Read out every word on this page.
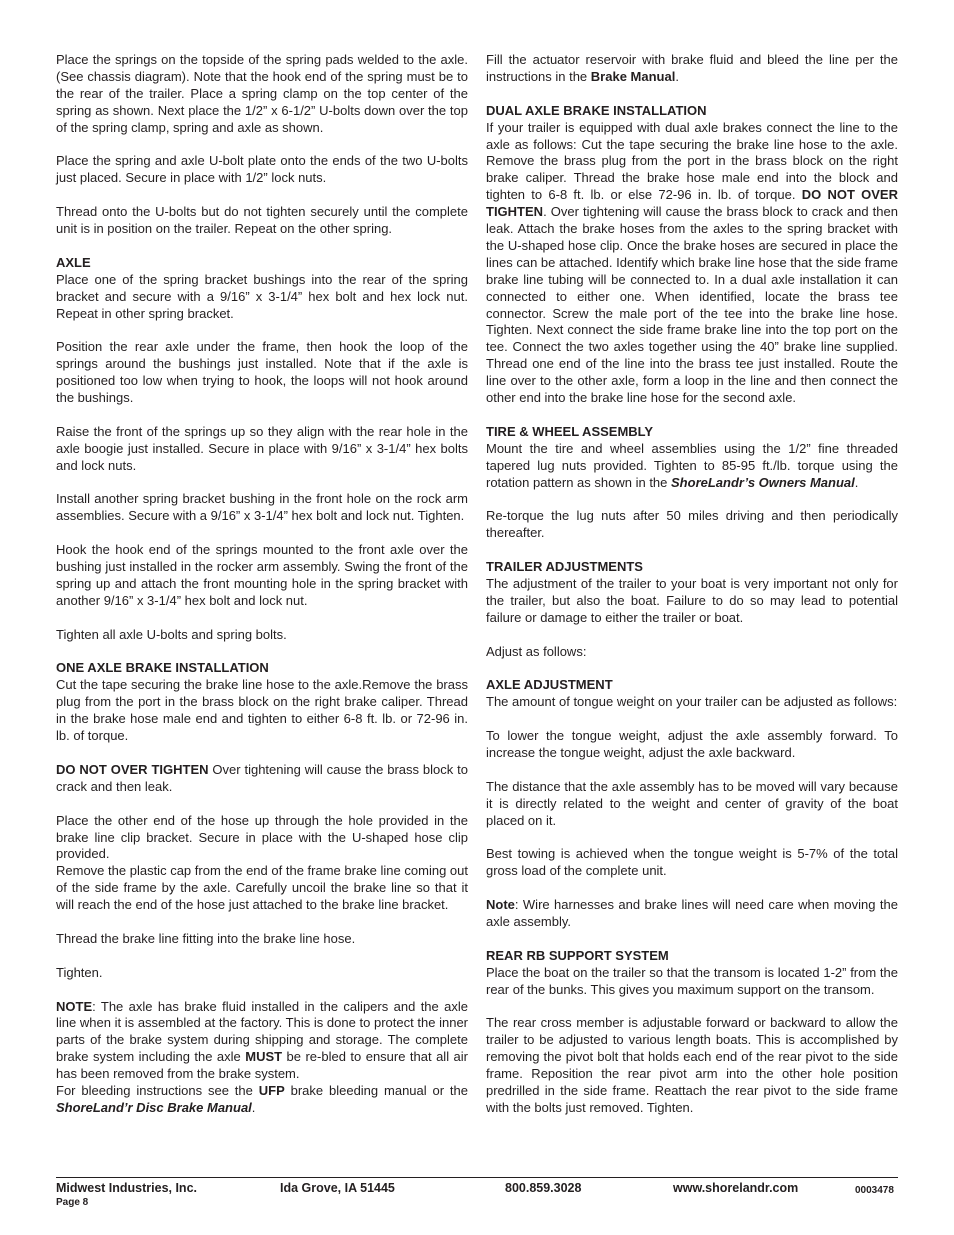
Place the springs on the topside of the spring pads welded to the axle. (See chassis diagram). Note that the hook end of the spring must be to the rear of the trailer. Place a spring clamp on the top center of the spring as shown. Next place the 1/2” x 6-1/2” U-bolts down over the top of the spring clamp, spring and axle as shown.

Place the spring and axle U-bolt plate onto the ends of the two U-bolts just placed. Secure in place with 1/2” lock nuts.

Thread onto the U-bolts but do not tighten securely until the complete unit is in position on the trailer. Repeat on the other spring.

AXLE

Place one of the spring bracket bushings into the rear of the spring bracket and secure with a 9/16” x 3-1/4” hex bolt and hex lock nut. Repeat in other spring bracket.

Position the rear axle under the frame, then hook the loop of the springs around the bushings just installed. Note that if the axle is positioned too low when trying to hook, the loops will not hook around the bushings.

Raise the front of the springs up so they align with the rear hole in the axle boogie just installed. Secure in place with 9/16” x 3-1/4” hex bolts and lock nuts.

Install another spring bracket bushing in the front hole on the rock arm assemblies. Secure with a 9/16” x 3-1/4” hex bolt and lock nut. Tighten.

Hook the hook end of the springs mounted to the front axle over the bushing just installed in the rocker arm assembly. Swing the front of the spring up and attach the front mounting hole in the spring bracket with another 9/16” x 3-1/4” hex bolt and lock nut.

Tighten all axle U-bolts and spring bolts.

ONE AXLE BRAKE INSTALLATION

Cut the tape securing the brake line hose to the axle.Remove the brass plug from the port in the brass block on the right brake caliper. Thread in the brake hose male end and tighten to either 6-8 ft. lb. or 72-96 in. lb. of torque.

DO NOT OVER TIGHTEN Over tightening will cause the brass block to crack and then leak.

Place the other end of the hose up through the hole provided in the brake line clip bracket. Secure in place with the U-shaped hose clip provided.

Remove the plastic cap from the end of the frame brake line coming out of the side frame by the axle. Carefully uncoil the brake line so that it will reach the end of the hose just attached to the brake line bracket.

Thread the brake line fitting into the brake line hose.

Tighten.

NOTE: The axle has brake fluid installed in the calipers and the axle line when it is assembled at the factory. This is done to protect the inner parts of the brake system during shipping and storage. The complete brake system including the axle MUST be re-bled to ensure that all air has been removed from the brake system.

For bleeding instructions see the UFP brake bleeding manual or the ShoreLand’r Disc Brake Manual.

Fill the actuator reservoir with brake fluid and bleed the line per the instructions in the Brake Manual.

DUAL AXLE BRAKE INSTALLATION

If your trailer is equipped with dual axle brakes connect the line to the axle as follows: Cut the tape securing the brake line hose to the axle. Remove the brass plug from the port in the brass block on the right brake caliper. Thread the brake hose male end into the block and tighten to 6-8 ft. lb. or else 72-96 in. lb. of torque. DO NOT OVER TIGHTEN. Over tightening will cause the brass block to crack and then leak. Attach the brake hoses from the axles to the spring bracket with the U-shaped hose clip. Once the brake hoses are secured in place the lines can be attached. Identify which brake line hose that the side frame brake line tubing will be connected to. In a dual axle installation it can connected to either one. When identified, locate the brass tee connector. Screw the male port of the tee into the brake line hose. Tighten. Next connect the side frame brake line into the top port on the tee. Connect the two axles together using the 40” brake line supplied. Thread one end of the line into the brass tee just installed. Route the line over to the other axle, form a loop in the line and then connect the other end into the brake line hose for the second axle.

TIRE & WHEEL ASSEMBLY

Mount the tire and wheel assemblies using the 1/2” fine threaded tapered lug nuts provided. Tighten to 85-95 ft./lb. torque using the rotation pattern as shown in the ShoreLandr’s Owners Manual.

Re-torque the lug nuts after 50 miles driving and then periodically thereafter.

TRAILER ADJUSTMENTS

The adjustment of the trailer to your boat is very important not only for the trailer, but also the boat. Failure to do so may lead to potential failure or damage to either the trailer or boat.

Adjust as follows:

AXLE ADJUSTMENT

The amount of tongue weight on your trailer can be adjusted as follows:

To lower the tongue weight, adjust the axle assembly forward. To increase the tongue weight, adjust the axle backward.

The distance that the axle assembly has to be moved will vary because it is directly related to the weight and center of gravity of the boat placed on it.

Best towing is achieved when the tongue weight is 5-7% of the total gross load of the complete unit.

Note: Wire harnesses and brake lines will need care when moving the axle assembly.

REAR RB SUPPORT SYSTEM

Place the boat on the trailer so that the transom is located 1-2” from the rear of the bunks. This gives you maximum support on the transom.

The rear cross member is adjustable forward or backward to allow the trailer to be adjusted to various length boats. This is accomplished by removing the pivot bolt that holds each end of the rear pivot to the side frame. Reposition the rear pivot arm into the other hole position predrilled in the side frame. Reattach the rear pivot to the side frame with the bolts just removed. Tighten.

Midwest Industries, Inc.	Ida Grove, IA 51445	800.859.3028	www.shorelandr.com	0003478
Page 8
